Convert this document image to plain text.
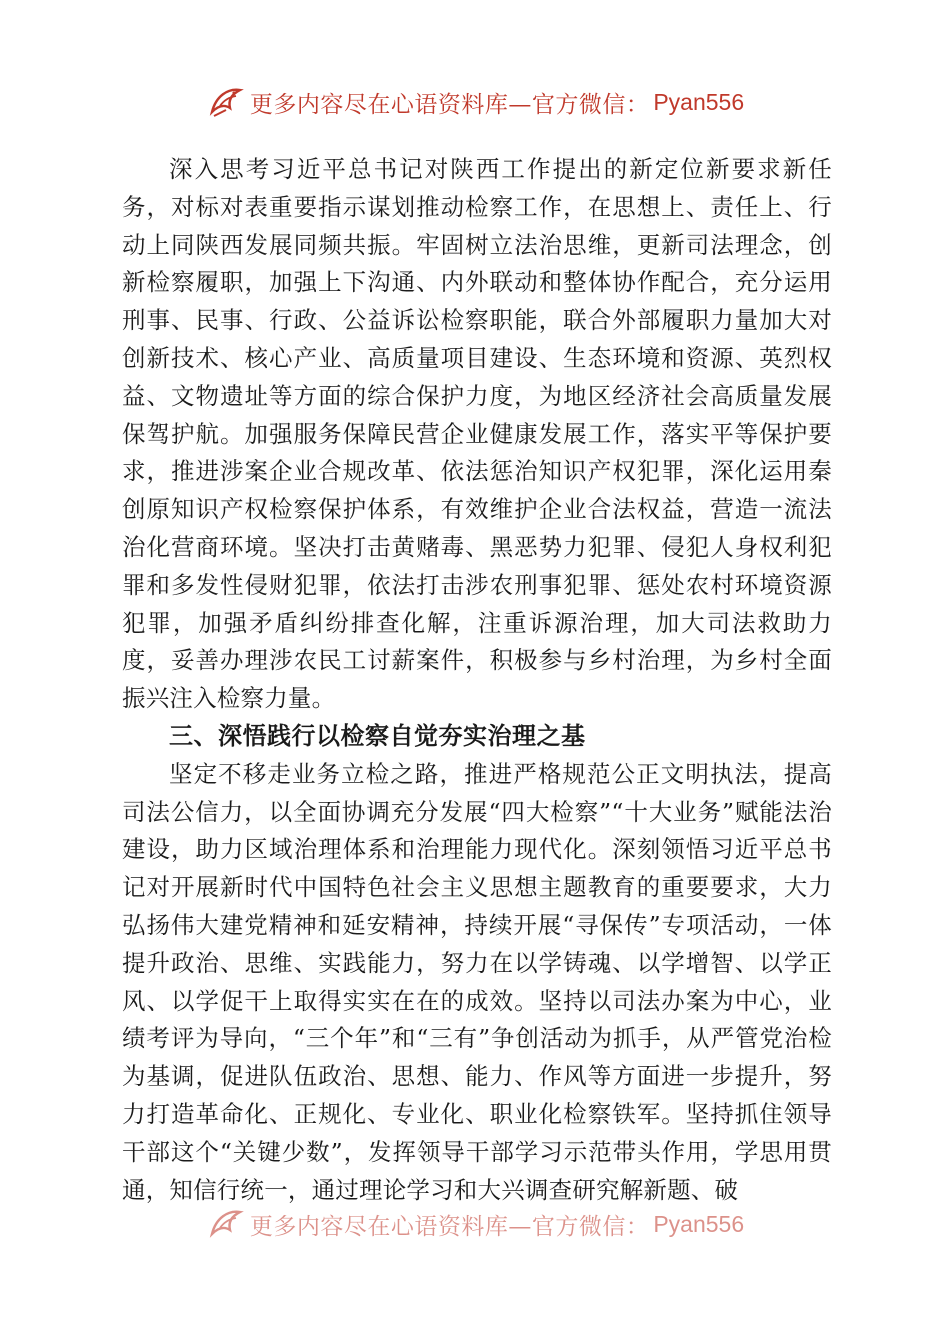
更多内容尽在心语资料库—官方微信： Pyan556

深入思考习近平总书记对陕西工作提出的新定位新要求新任务，对标对表重要指示谋划推动检察工作，在思想上、责任上、行动上同陕西发展同频共振。牢固树立法治思维，更新司法理念，创新检察履职，加强上下沟通、内外联动和整体协作配合，充分运用刑事、民事、行政、公益诉讼检察职能，联合外部履职力量加大对创新技术、核心产业、高质量项目建设、生态环境和资源、英烈权益、文物遗址等方面的综合保护力度，为地区经济社会高质量发展保驾护航。加强服务保障民营企业健康发展工作，落实平等保护要求，推进涉案企业合规改革、依法惩治知识产权犯罪，深化运用秦创原知识产权检察保护体系，有效维护企业合法权益，营造一流法治化营商环境。坚决打击黄赌毒、黑恶势力犯罪、侵犯人身权利犯罪和多发性侵财犯罪，依法打击涉农刑事犯罪、惩处农村环境资源犯罪，加强矛盾纠纷排查化解，注重诉源治理，加大司法救助力度，妥善办理涉农民工讨薪案件，积极参与乡村治理，为乡村全面振兴注入检察力量。

三、深悟践行以检察自觉夯实治理之基

坚定不移走业务立检之路，推进严格规范公正文明执法，提高司法公信力，以全面协调充分发展“四大检察”“十大业务”赋能法治建设，助力区域治理体系和治理能力现代化。深刻领悟习近平总书记对开展新时代中国特色社会主义思想主题教育的重要要求，大力弘扬伟大建党精神和延安精神，持续开展“寻保传”专项活动，一体提升政治、思维、实践能力，努力在以学铸魂、以学增智、以学正风、以学促干上取得实实在在的成效。坚持以司法办案为中心，业绩考评为导向，“三个年”和“三有”争创活动为抓手，从严管党治检为基调，促进队伍政治、思想、能力、作风等方面进一步提升，努力打造革命化、正规化、专业化、职业化检察铁军。坚持抓住领导干部这个“关键少数”，发挥领导干部学习示范带头作用，学思用贯通，知信行统一，通过理论学习和大兴调查研究解新题、破

更多内容尽在心语资料库—官方微信： Pyan556
